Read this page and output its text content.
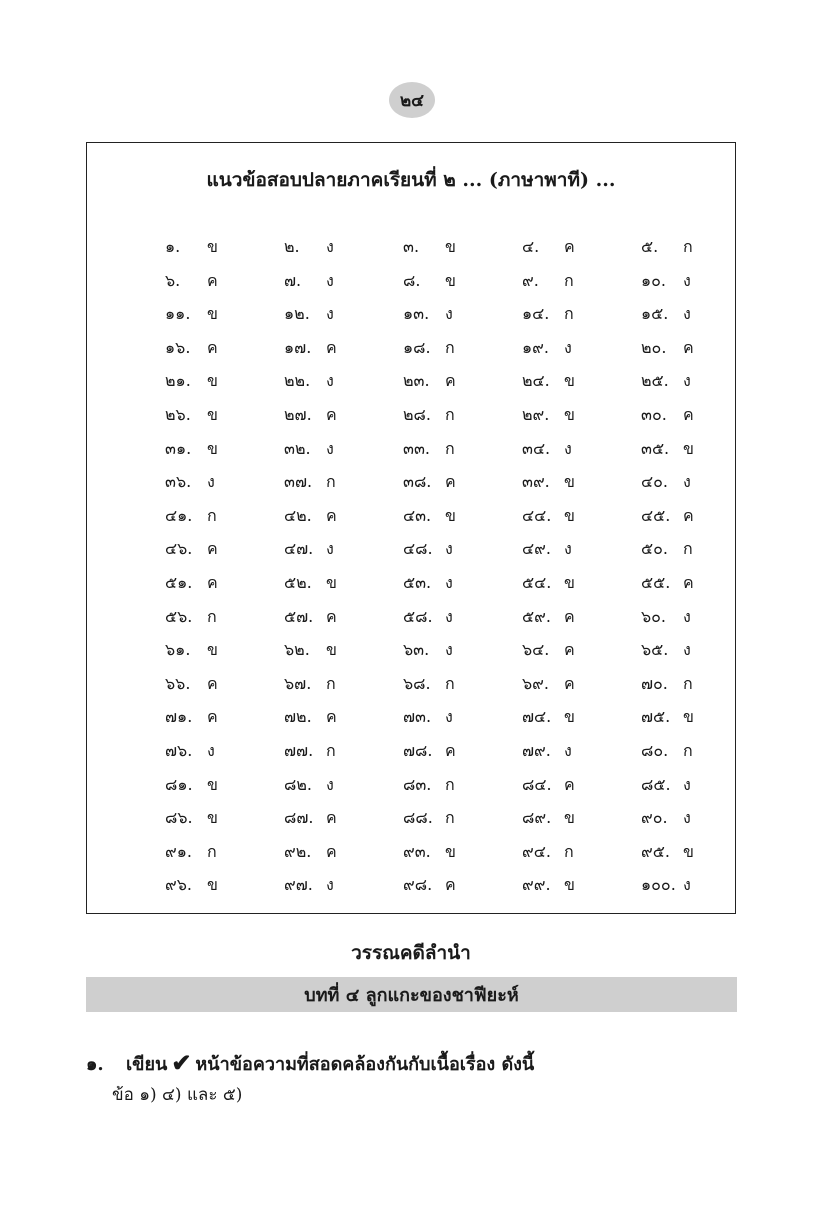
๒๔
แนวข้อสอบปลายภาคเรียนที่ ๒ ... (ภาษาพาที) ...
๑. ข	๒. ง	๓. ข	๔. ค	๕. ก
๖. ค	๗. ง	๘. ข	๙. ก	๑๐. ง
๑๑. ข	๑๒. ง	๑๓. ง	๑๔. ก	๑๕. ง
๑๖. ค	๑๗. ค	๑๘. ก	๑๙. ง	๒๐. ค
๒๑. ข	๒๒. ง	๒๓. ค	๒๔. ข	๒๕. ง
๒๖. ข	๒๗. ค	๒๘. ก	๒๙. ข	๓๐. ค
๓๑. ข	๓๒. ง	๓๓. ก	๓๔. ง	๓๕. ข
๓๖. ง	๓๗. ก	๓๘. ค	๓๙. ข	๔๐. ง
๔๑. ก	๔๒. ค	๔๓. ข	๔๔. ข	๔๕. ค
๔๖. ค	๔๗. ง	๔๘. ง	๔๙. ง	๕๐. ก
๕๑. ค	๕๒. ข	๕๓. ง	๕๔. ข	๕๕. ค
๕๖. ก	๕๗. ค	๕๘. ง	๕๙. ค	๖๐. ง
๖๑. ข	๖๒. ข	๖๓. ง	๖๔. ค	๖๕. ง
๖๖. ค	๖๗. ก	๖๘. ก	๖๙. ค	๗๐. ก
๗๑. ค	๗๒. ค	๗๓. ง	๗๔. ข	๗๕. ข
๗๖. ง	๗๗. ก	๗๘. ค	๗๙. ง	๘๐. ก
๘๑. ข	๘๒. ง	๘๓. ก	๘๔. ค	๘๕. ง
๘๖. ข	๘๗. ค	๘๘. ก	๘๙. ข	๙๐. ง
๙๑. ก	๙๒. ค	๙๓. ข	๙๔. ก	๙๕. ข
๙๖. ข	๙๗. ง	๙๘. ค	๙๙. ข	๑๐๐. ง
วรรณคดีลำนำ
บทที่ ๔ ลูกแกะของชาฟียะห์
๑.	เขียน ✔ หน้าข้อความที่สอดคล้องกันกับเนื้อเรื่อง ดังนี้
ข้อ ๑) ๔) และ ๕)
